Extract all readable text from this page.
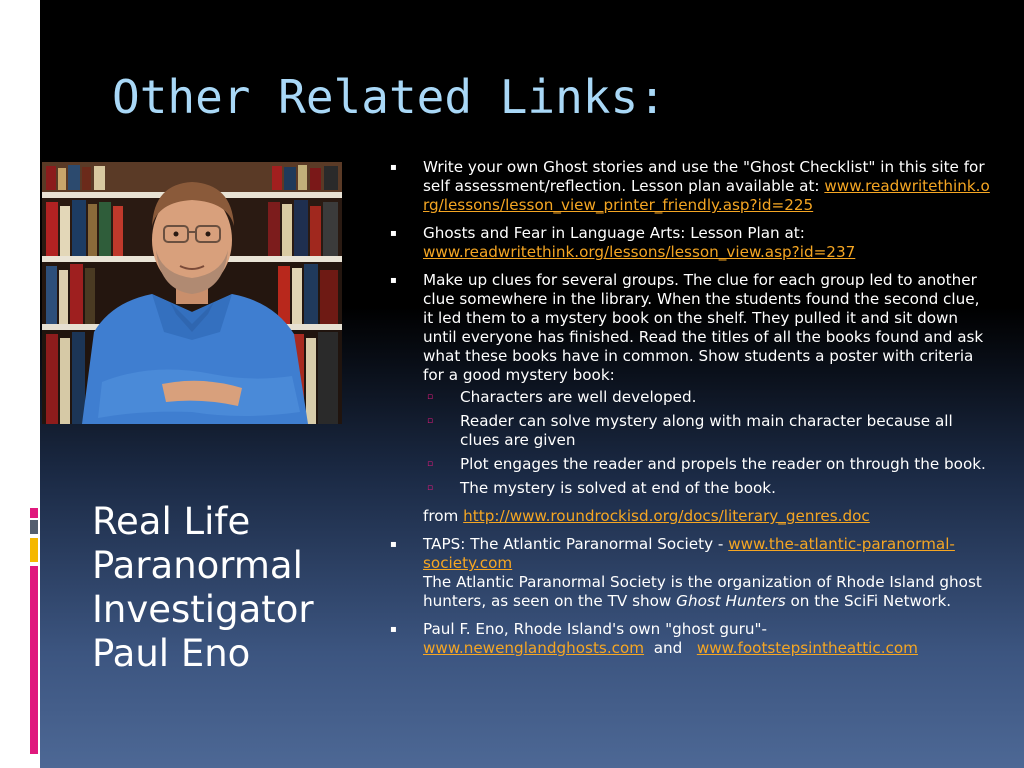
Other Related Links:
Real Life
Paranormal
Investigator
Paul Eno
▪ Write your own Ghost stories and use the "Ghost Checklist" in this site for self assessment/reflection. Lesson plan available at: www.readwritethink.org/lessons/lesson_view_printer_friendly.asp?id=225
▪ Ghosts and Fear in Language Arts: Lesson Plan at: www.readwritethink.org/lessons/lesson_view.asp?id=237
▪ Make up clues for several groups. The clue for each group led to another clue somewhere in the library. When the students found the second clue, it led them to a mystery book on the shelf. They pulled it and sit down until everyone has finished. Read the titles of all the books found and ask what these books have in common. Show students a poster with criteria for a good mystery book:
▫ Characters are well developed.
▫ Reader can solve mystery along with main character because all clues are given
▫ Plot engages the reader and propels the reader on through the book.
▫ The mystery is solved at end of the book.
from http://www.roundrockisd.org/docs/literary_genres.doc
▪ TAPS: The Atlantic Paranormal Society - www.the-atlantic-paranormal-society.com
The Atlantic Paranormal Society is the organization of Rhode Island ghost hunters, as seen on the TV show Ghost Hunters on the SciFi Network.
▪ Paul F. Eno, Rhode Island's own "ghost guru"-
www.newenglandghosts.com and www.footstepsintheattic.com
